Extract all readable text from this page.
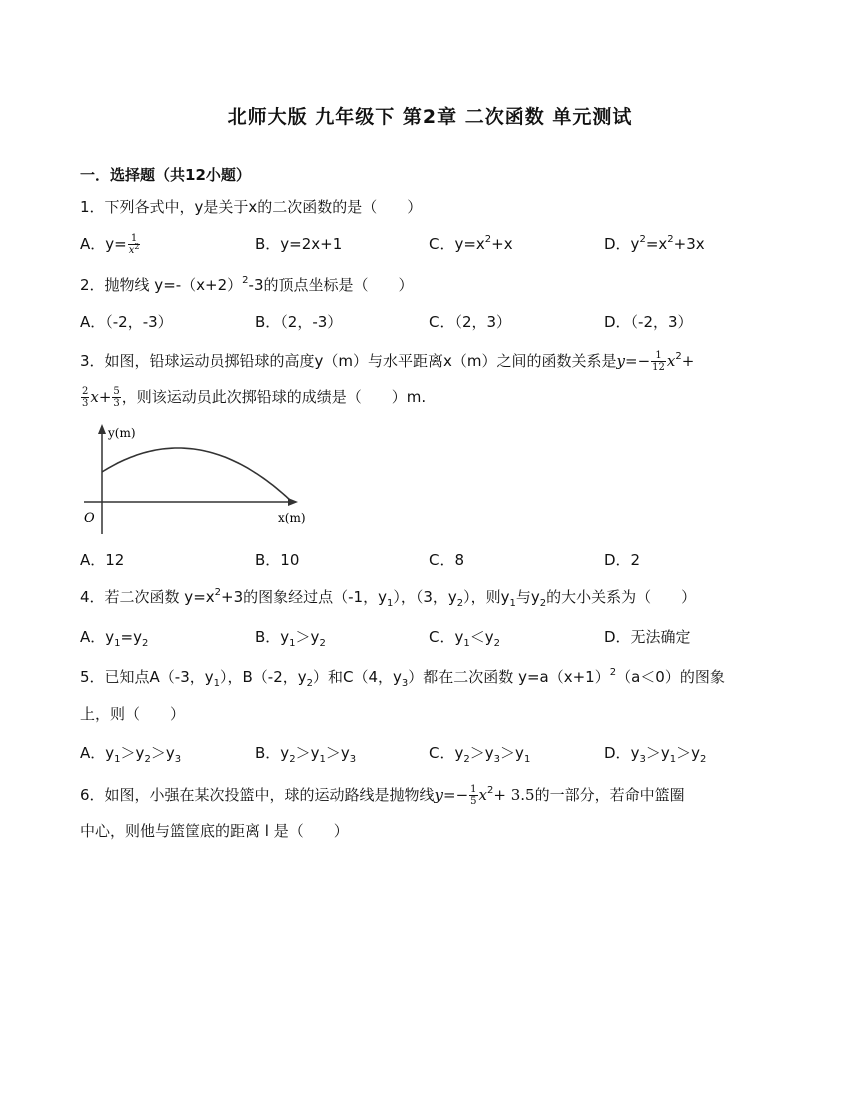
北师大版 九年级下 第2章 二次函数 单元测试
一．选择题（共12小题）
1．下列各式中，y是关于x的二次函数的是（　　）
A．$y= \frac{1}{x^2}$	B．y=2x+1	C．$y=x^2+x$	D．$y^2=x^2+3x$
2．抛物线 $y=-(x+2)^2-3$的顶点坐标是（　　）
A．（-2，-3）	B．（2，-3）	C．（2，3）	D．（-2，3）
3．如图，铅球运动员掷铅球的高度y（m）与水平距离x（m）之间的函数关系是$y=- \frac{1}{12} x^2+$
$\frac{2}{3} x+ \frac{5}{3}$ ，则该运动员此次掷铅球的成绩是（　　）m.
y(m)
O	x(m)
A．12	B．10	C．8	D．2
4．若二次函数 $y=x^2+3$的图象经过点（-1，$y_1$），（3，$y_2$），则$y_1$与$y_2$的大小关系为（　　）
A．$y_1=y_2$	B．$y_1>y_2$	C．$y_1<y_2$	D．无法确定
5．已知点A（-3，$y_1$），B（-2，$y_2$）和C（4，$y_3$）都在二次函数 $y=a(x+1)^2(a<0)$的图象
上，则（　　）
A．$y_1>y_2>y_3$	B．$y_2>y_1>y_3$	C．$y_2>y_3>y_1$	D．$y_3>y_1>y_2$
6．如图，小强在某次投篮中，球的运动路线是抛物线$y=- \frac{1}{5} x^2+ 3.5$的一部分，若命中篮圈
中心，则他与篮筐底的距离 l 是（　　）
